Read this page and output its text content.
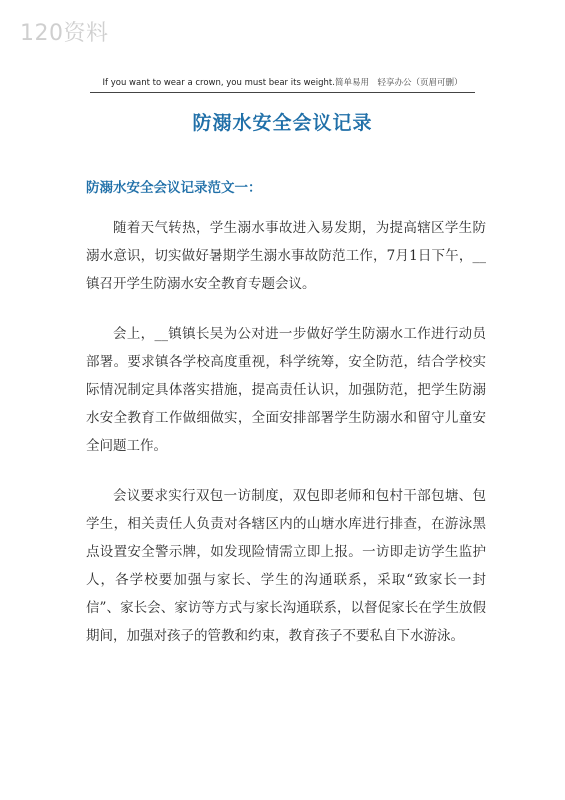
120资料
If you want to wear a crown, you must bear its weight.简单易用　轻享办公（页眉可删）
防溺水安全会议记录
防溺水安全会议记录范文一：

随着天气转热，学生溺水事故进入易发期，为提高辖区学生防溺水意识，切实做好暑期学生溺水事故防范工作，7月1日下午，__镇召开学生防溺水安全教育专题会议。

会上，__镇镇长吴为公对进一步做好学生防溺水工作进行动员部署。要求镇各学校高度重视，科学统筹，安全防范，结合学校实际情况制定具体落实措施，提高责任认识，加强防范，把学生防溺水安全教育工作做细做实，全面安排部署学生防溺水和留守儿童安全问题工作。

会议要求实行双包一访制度，双包即老师和包村干部包塘、包学生，相关责任人负责对各辖区内的山塘水库进行排查，在游泳黑点设置安全警示牌，如发现险情需立即上报。一访即走访学生监护人，各学校要加强与家长、学生的沟通联系，采取“致家长一封信”、家长会、家访等方式与家长沟通联系，以督促家长在学生放假期间，加强对孩子的管教和约束，教育孩子不要私自下水游泳。
